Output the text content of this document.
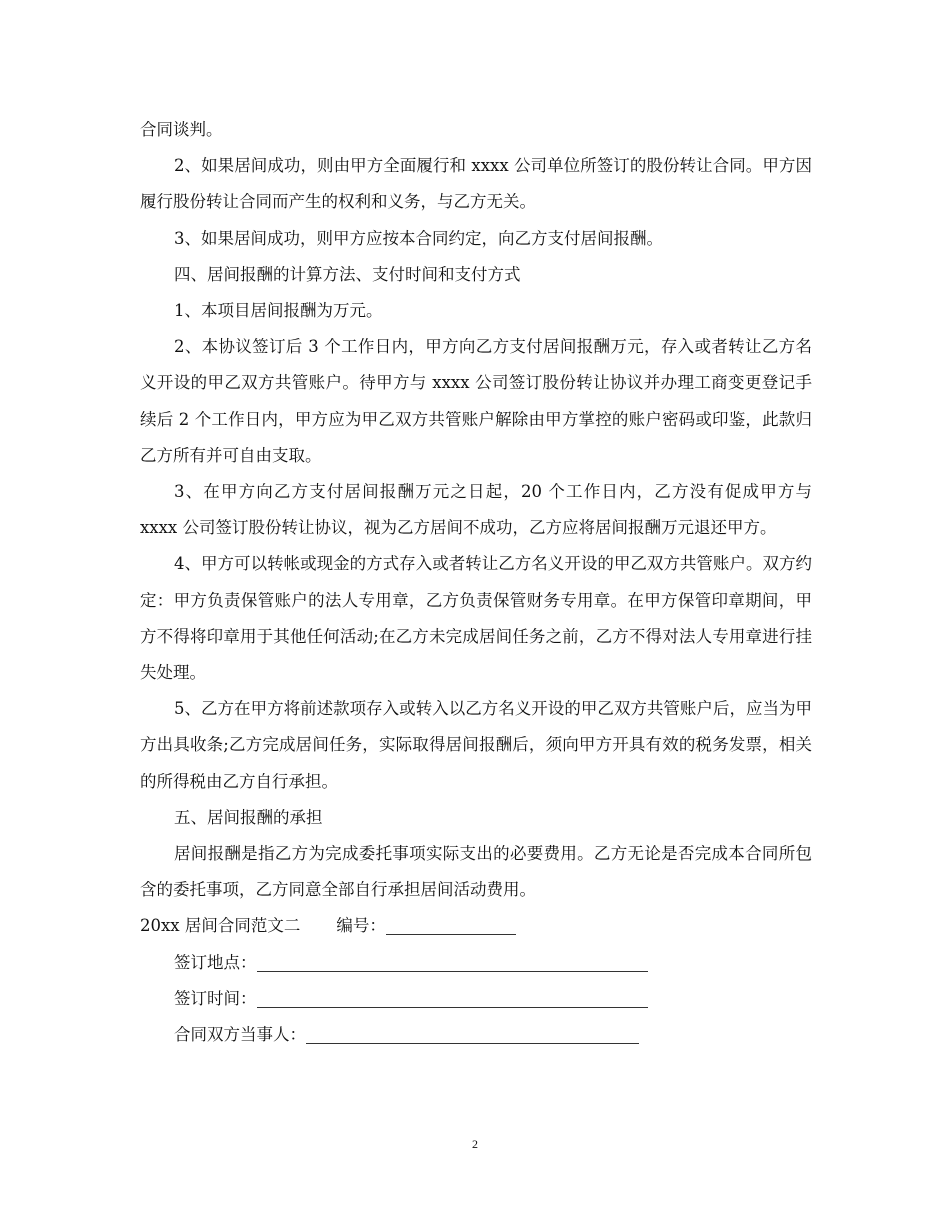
合同谈判。

2、如果居间成功，则由甲方全面履行和 xxxx 公司单位所签订的股份转让合同。甲方因履行股份转让合同而产生的权利和义务，与乙方无关。

3、如果居间成功，则甲方应按本合同约定，向乙方支付居间报酬。

四、居间报酬的计算方法、支付时间和支付方式

1、本项目居间报酬为万元。

2、本协议签订后 3 个工作日内，甲方向乙方支付居间报酬万元，存入或者转让乙方名义开设的甲乙双方共管账户。待甲方与 xxxx 公司签订股份转让协议并办理工商变更登记手续后 2 个工作日内，甲方应为甲乙双方共管账户解除由甲方掌控的账户密码或印鉴，此款归乙方所有并可自由支取。

3、在甲方向乙方支付居间报酬万元之日起，20 个工作日内，乙方没有促成甲方与 xxxx 公司签订股份转让协议，视为乙方居间不成功，乙方应将居间报酬万元退还甲方。

4、甲方可以转帐或现金的方式存入或者转让乙方名义开设的甲乙双方共管账户。双方约定：甲方负责保管账户的法人专用章，乙方负责保管财务专用章。在甲方保管印章期间，甲方不得将印章用于其他任何活动;在乙方未完成居间任务之前，乙方不得对法人专用章进行挂失处理。

5、乙方在甲方将前述款项存入或转入以乙方名义开设的甲乙双方共管账户后，应当为甲方出具收条;乙方完成居间任务，实际取得居间报酬后，须向甲方开具有效的税务发票，相关的所得税由乙方自行承担。

五、居间报酬的承担

居间报酬是指乙方为完成委托事项实际支出的必要费用。乙方无论是否完成本合同所包含的委托事项，乙方同意全部自行承担居间活动费用。

20xx 居间合同范文二 编号：

签订地点：

签订时间：

合同双方当事人：

2
